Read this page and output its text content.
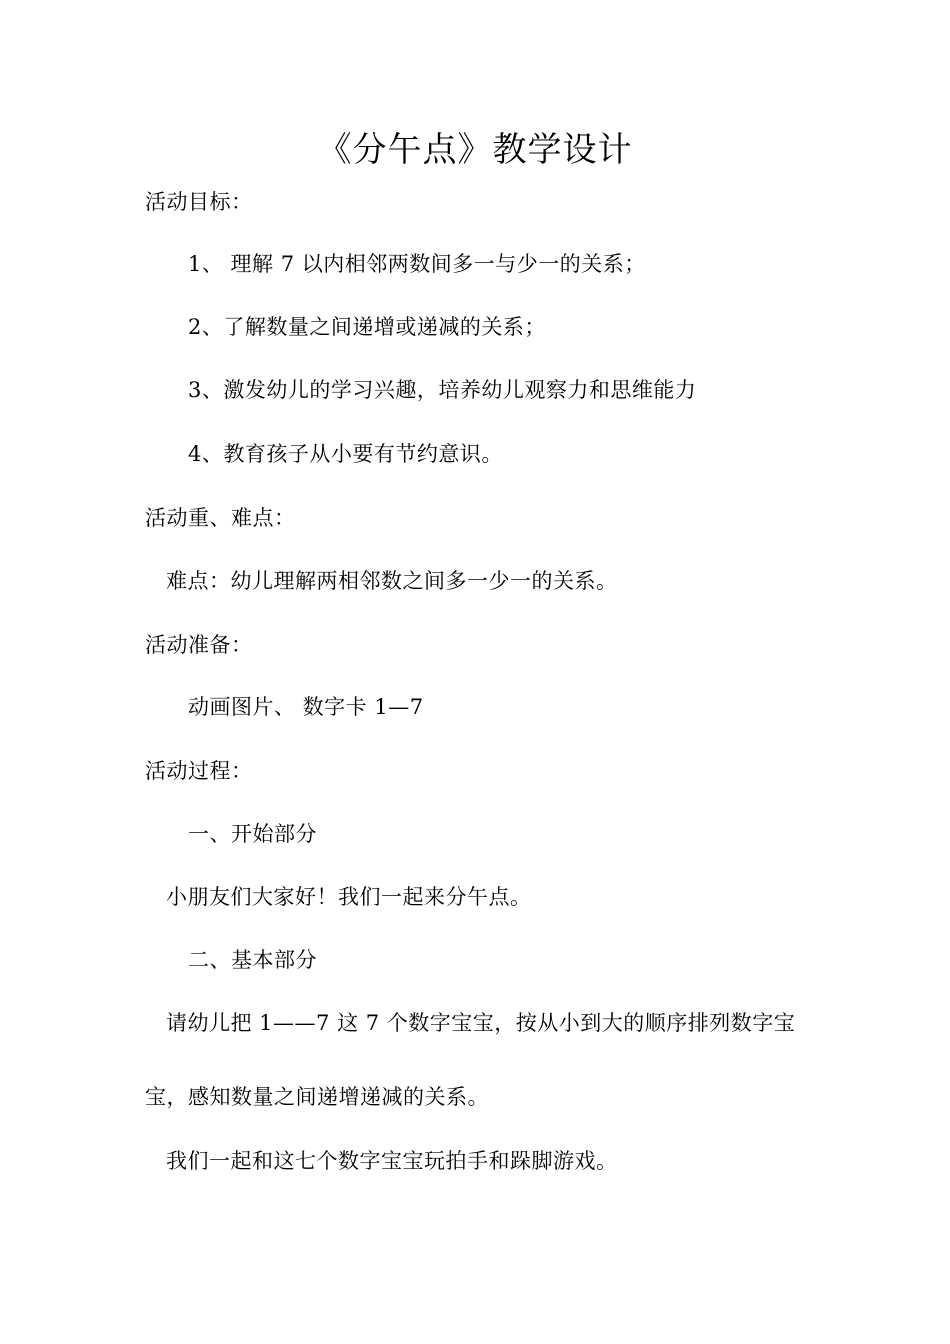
《分午点》教学设计
活动目标：
1、 理解 7 以内相邻两数间多一与少一的关系；
2、了解数量之间递增或递减的关系；
3、激发幼儿的学习兴趣，培养幼儿观察力和思维能力
4、教育孩子从小要有节约意识。
活动重、难点：
难点：幼儿理解两相邻数之间多一少一的关系。
活动准备：
动画图片、 数字卡 1—7
活动过程：
一、开始部分
小朋友们大家好！我们一起来分午点。
二、基本部分
请幼儿把 1——7 这 7 个数字宝宝，按从小到大的顺序排列数字宝
宝，感知数量之间递增递减的关系。
我们一起和这七个数字宝宝玩拍手和跺脚游戏。
